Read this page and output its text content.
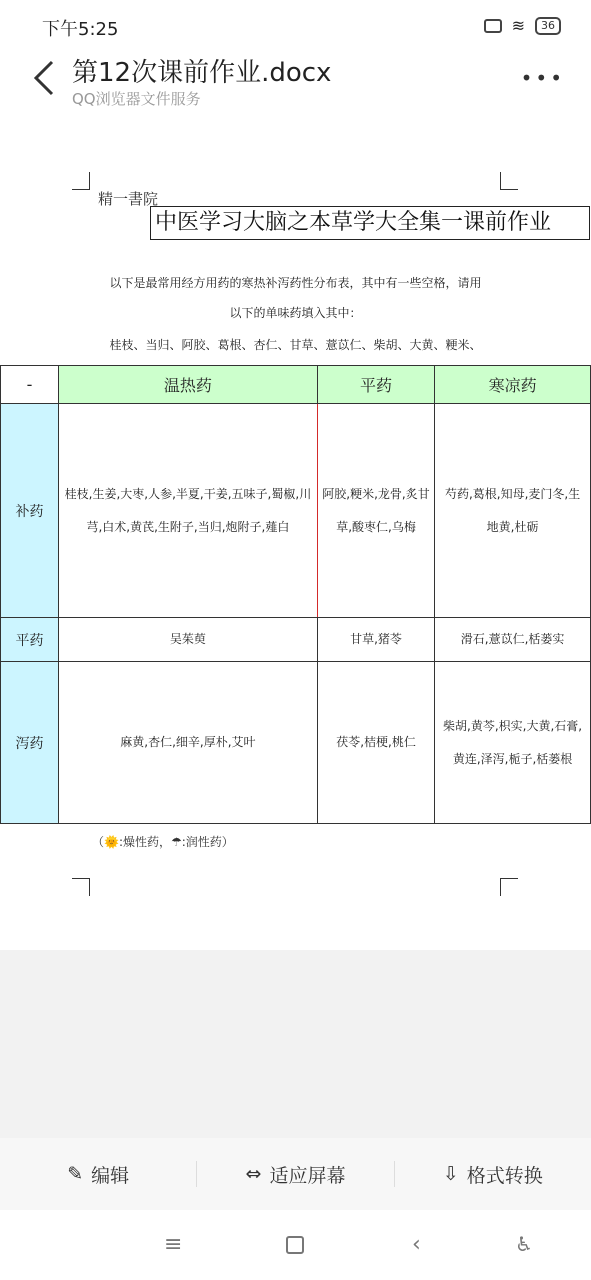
下午5:25	≋	36
第12次课前作业.docx
QQ浏览器文件服务
•••
精一書院
中医学习大脑之本草学大全集一课前作业
以下是最常用经方用药的寒热补泻药性分布表，其中有一些空格，请用
以下的单味药填入其中：
桂枝、当归、阿胶、葛根、杏仁、甘草、薏苡仁、柴胡、大黄、粳米、
-	温热药	平药	寒凉药
补药	桂枝,生姜,大枣,人参,半夏,干姜,五味子,蜀椒,川芎,白术,黄芪,生附子,当归,炮附子,薤白	阿胶,粳米,龙骨,炙甘草,酸枣仁,乌梅	芍药,葛根,知母,麦门冬,生地黄,杜砺
平药	吴茱萸	甘草,猪苓	滑石,薏苡仁,栝蒌实
泻药	麻黄,杏仁,细辛,厚朴,艾叶	茯苓,桔梗,桃仁	柴胡,黄芩,枳实,大黄,石膏,黄连,泽泻,栀子,栝蒌根
（🌞:燥性药，☂:润性药）
✎ 编辑	⇔ 适应屏幕	⇩ 格式转换
≡	‹	♿
